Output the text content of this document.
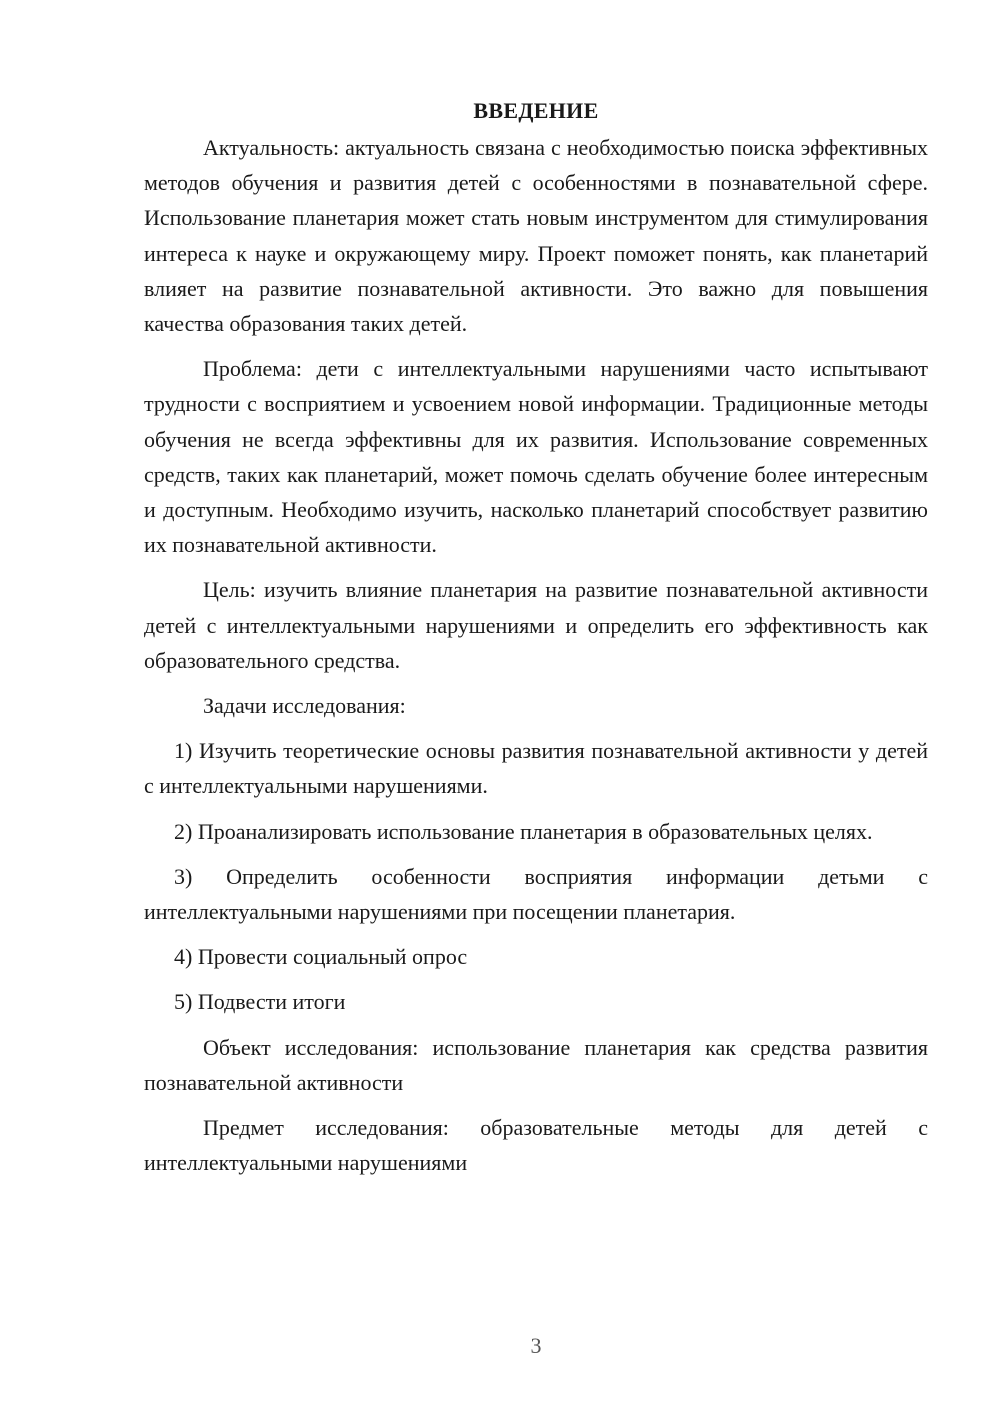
ВВЕДЕНИЕ

Актуальность: актуальность связана с необходимостью поиска эффективных методов обучения и развития детей с особенностями в познавательной сфере. Использование планетария может стать новым инструментом для стимулирования интереса к науке и окружающему миру. Проект поможет понять, как планетарий влияет на развитие познавательной активности. Это важно для повышения качества образования таких детей.

Проблема: дети с интеллектуальными нарушениями часто испытывают трудности с восприятием и усвоением новой информации. Традиционные методы обучения не всегда эффективны для их развития. Использование современных средств, таких как планетарий, может помочь сделать обучение более интересным и доступным. Необходимо изучить, насколько планетарий способствует развитию их познавательной активности.

Цель: изучить влияние планетария на развитие познавательной активности детей с интеллектуальными нарушениями и определить его эффективность как образовательного средства.

Задачи исследования:

1) Изучить теоретические основы развития познавательной активности у детей с интеллектуальными нарушениями.

2) Проанализировать использование планетария в образовательных целях.

3) Определить особенности восприятия информации детьми с интеллектуальными нарушениями при посещении планетария.

4) Провести социальный опрос

5) Подвести итоги

Объект исследования: использование планетария как средства развития познавательной активности

Предмет исследования: образовательные методы для детей с интеллектуальными нарушениями

3
